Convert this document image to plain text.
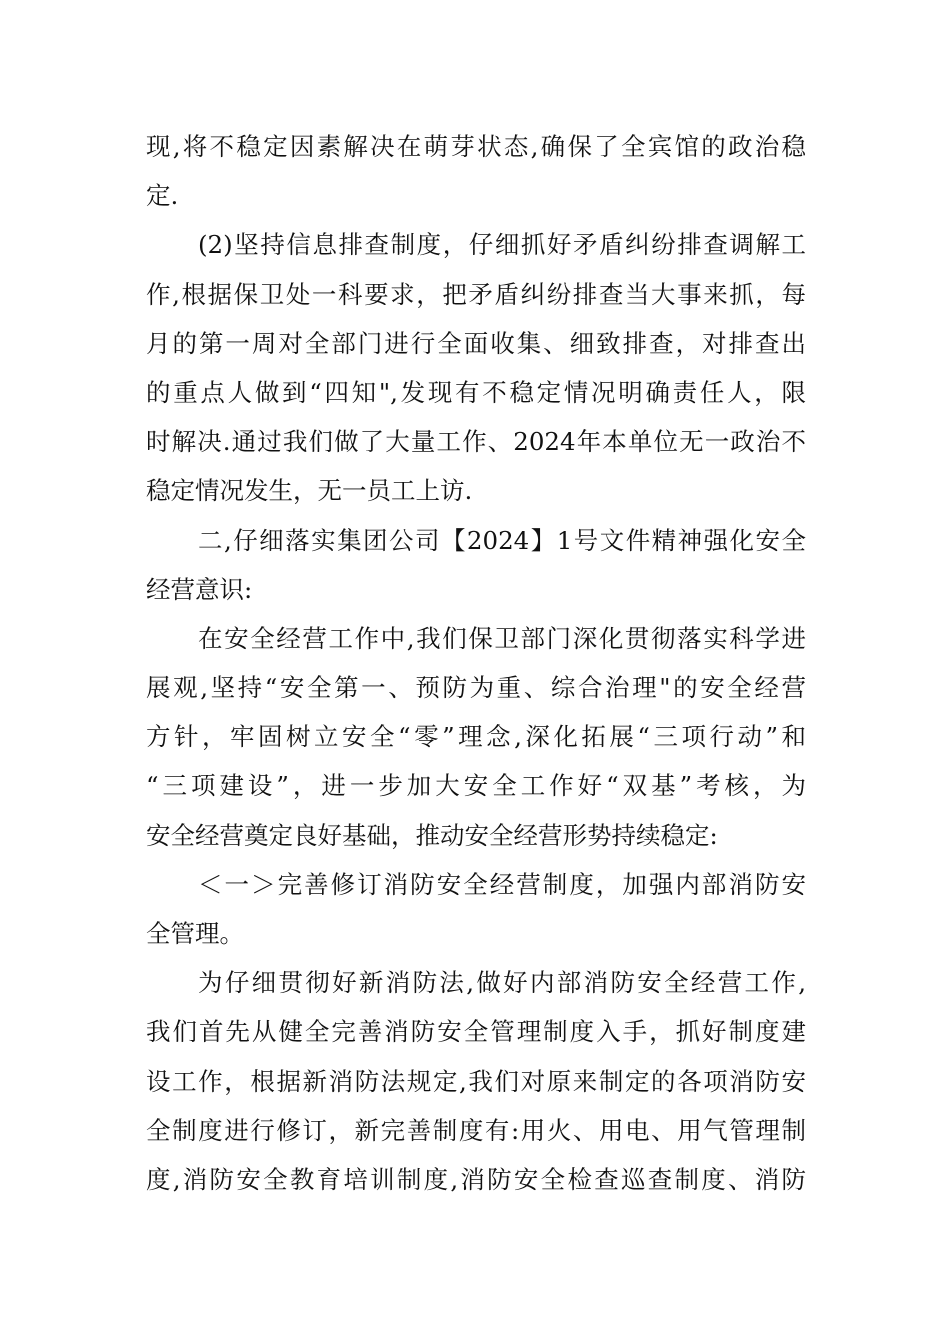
现,将不稳定因素解决在萌芽状态,确保了全宾馆的政治稳
定.
(2)坚持信息排查制度，仔细抓好矛盾纠纷排查调解工
作,根据保卫处一科要求，把矛盾纠纷排查当大事来抓，每
月的第一周对全部门进行全面收集、细致排查，对排查出
的重点人做到“四知",发现有不稳定情况明确责任人，限
时解决.通过我们做了大量工作、2024年本单位无一政治不
稳定情况发生，无一员工上访.
二,仔细落实集团公司【2024】1号文件精神强化安全
经营意识:
在安全经营工作中,我们保卫部门深化贯彻落实科学进
展观,坚持“安全第一、预防为重、综合治理"的安全经营
方针，牢固树立安全“零”理念,深化拓展“三项行动”和
“三项建设”，进一步加大安全工作好“双基”考核，为
安全经营奠定良好基础，推动安全经营形势持续稳定:
＜一＞完善修订消防安全经营制度，加强内部消防安
全管理。
为仔细贯彻好新消防法,做好内部消防安全经营工作,
我们首先从健全完善消防安全管理制度入手，抓好制度建
设工作，根据新消防法规定,我们对原来制定的各项消防安
全制度进行修订，新完善制度有:用火、用电、用气管理制
度,消防安全教育培训制度,消防安全检查巡查制度、消防
